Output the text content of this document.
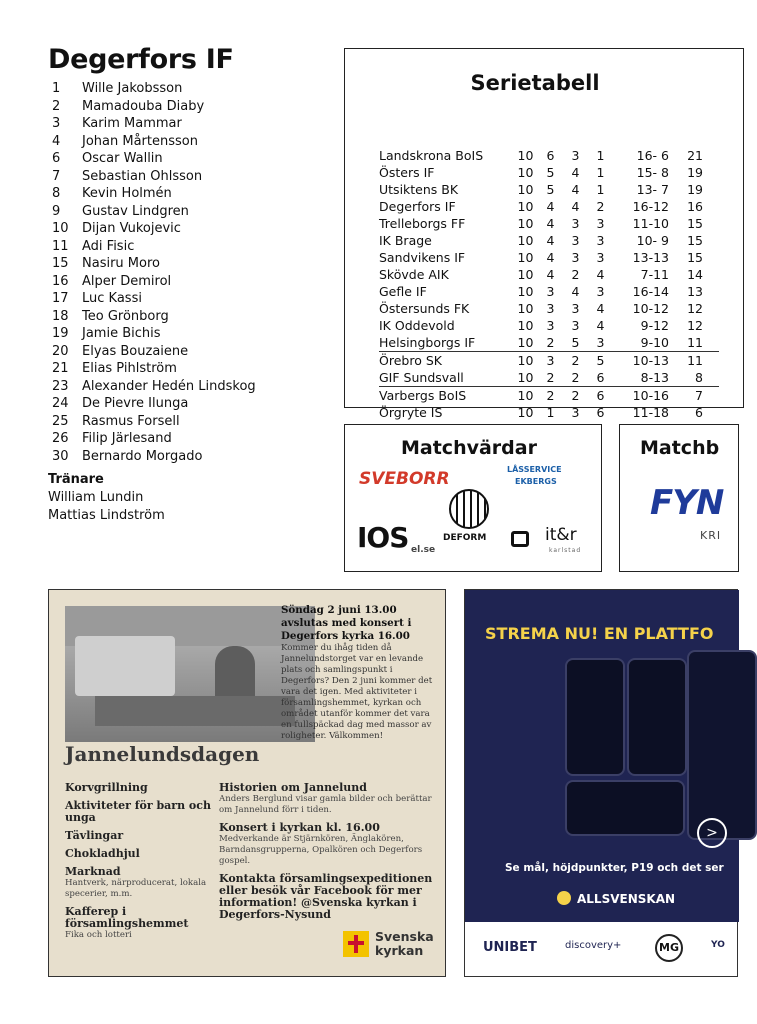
Degerfors IF
1	Wille Jakobsson
2	Mamadouba Diaby
3	Karim Mammar
4	Johan Mårtensson
6	Oscar Wallin
7	Sebastian Ohlsson
8	Kevin Holmén
9	Gustav Lindgren
10	Dijan Vukojevic
11	Adi Fisic
15	Nasiru Moro
16	Alper Demirol
17	Luc Kassi
18	Teo Grönborg
19	Jamie Bichis
20	Elyas Bouzaiene
21	Elias Pihlström
23	Alexander Hedén Lindskog
24	De Pievre Ilunga
25	Rasmus Forsell
26	Filip Järlesand
30	Bernardo Morgado
Tränare
William Lundin
Mattias Lindström
Serietabell
Landskrona BoIS	10	6	3	1	16- 6	21
Östers IF	10	5	4	1	15- 8	19
Utsiktens BK	10	5	4	1	13- 7	19
Degerfors IF	10	4	4	2	16-12	16
Trelleborgs FF	10	4	3	3	11-10	15
IK Brage	10	4	3	3	10- 9	15
Sandvikens IF	10	4	3	3	13-13	15
Skövde AIK	10	4	2	4	7-11	14
Gefle IF	10	3	4	3	16-14	13
Östersunds FK	10	3	3	4	10-12	12
IK Oddevold	10	3	3	4	9-12	12
Helsingborgs IF	10	2	5	3	9-10	11
Örebro SK	10	3	2	5	10-13	11
GIF Sundsvall	10	2	2	6	8-13	8
Varbergs BoIS	10	2	2	6	10-16	7
Örgryte IS	10	1	3	6	11-18	6
Matchvärdar
SVEBORR	LÅSSERVICE
EKBERGS
DEFORM
IOS el.se
it&r
karlstad
Matchb
FYN
KRI
Jannelundsdagen
Söndag 2 juni 13.00 avslutas med konsert i Degerfors kyrka 16.00
Kommer du ihåg tiden då Jannelundstorget var en levande plats och samlingspunkt i Degerfors? Den 2 juni kommer det vara det igen. Med aktiviteter i församlingshemmet, kyrkan och området utanför kommer det vara en fullspäckad dag med massor av roligheter. Välkommen!
Korvgrillning
Aktiviteter för barn och unga
Tävlingar
Chokladhjul
Marknad
Hantverk, närproducerat, lokala specerier, m.m.
Kafferep i församlingshemmet
Fika och lotteri
Historien om Jannelund
Anders Berglund visar gamla bilder och berättar om Jannelund förr i tiden.
Konsert i kyrkan kl. 16.00
Medverkande är Stjärnkören, Änglakören, Barndansgrupperna, Opalkören och Degerfors gospel.
Kontakta församlingsexpeditionen eller besök vår Facebook för mer information! @Svenska kyrkan i Degerfors-Nysund
Svenska
kyrkan
STREMA NU! EN PLATTFO
>
Se mål, höjdpunkter, P19 och det ser
ALLSVENSKAN
UNIBET	discovery+	MG	YO
